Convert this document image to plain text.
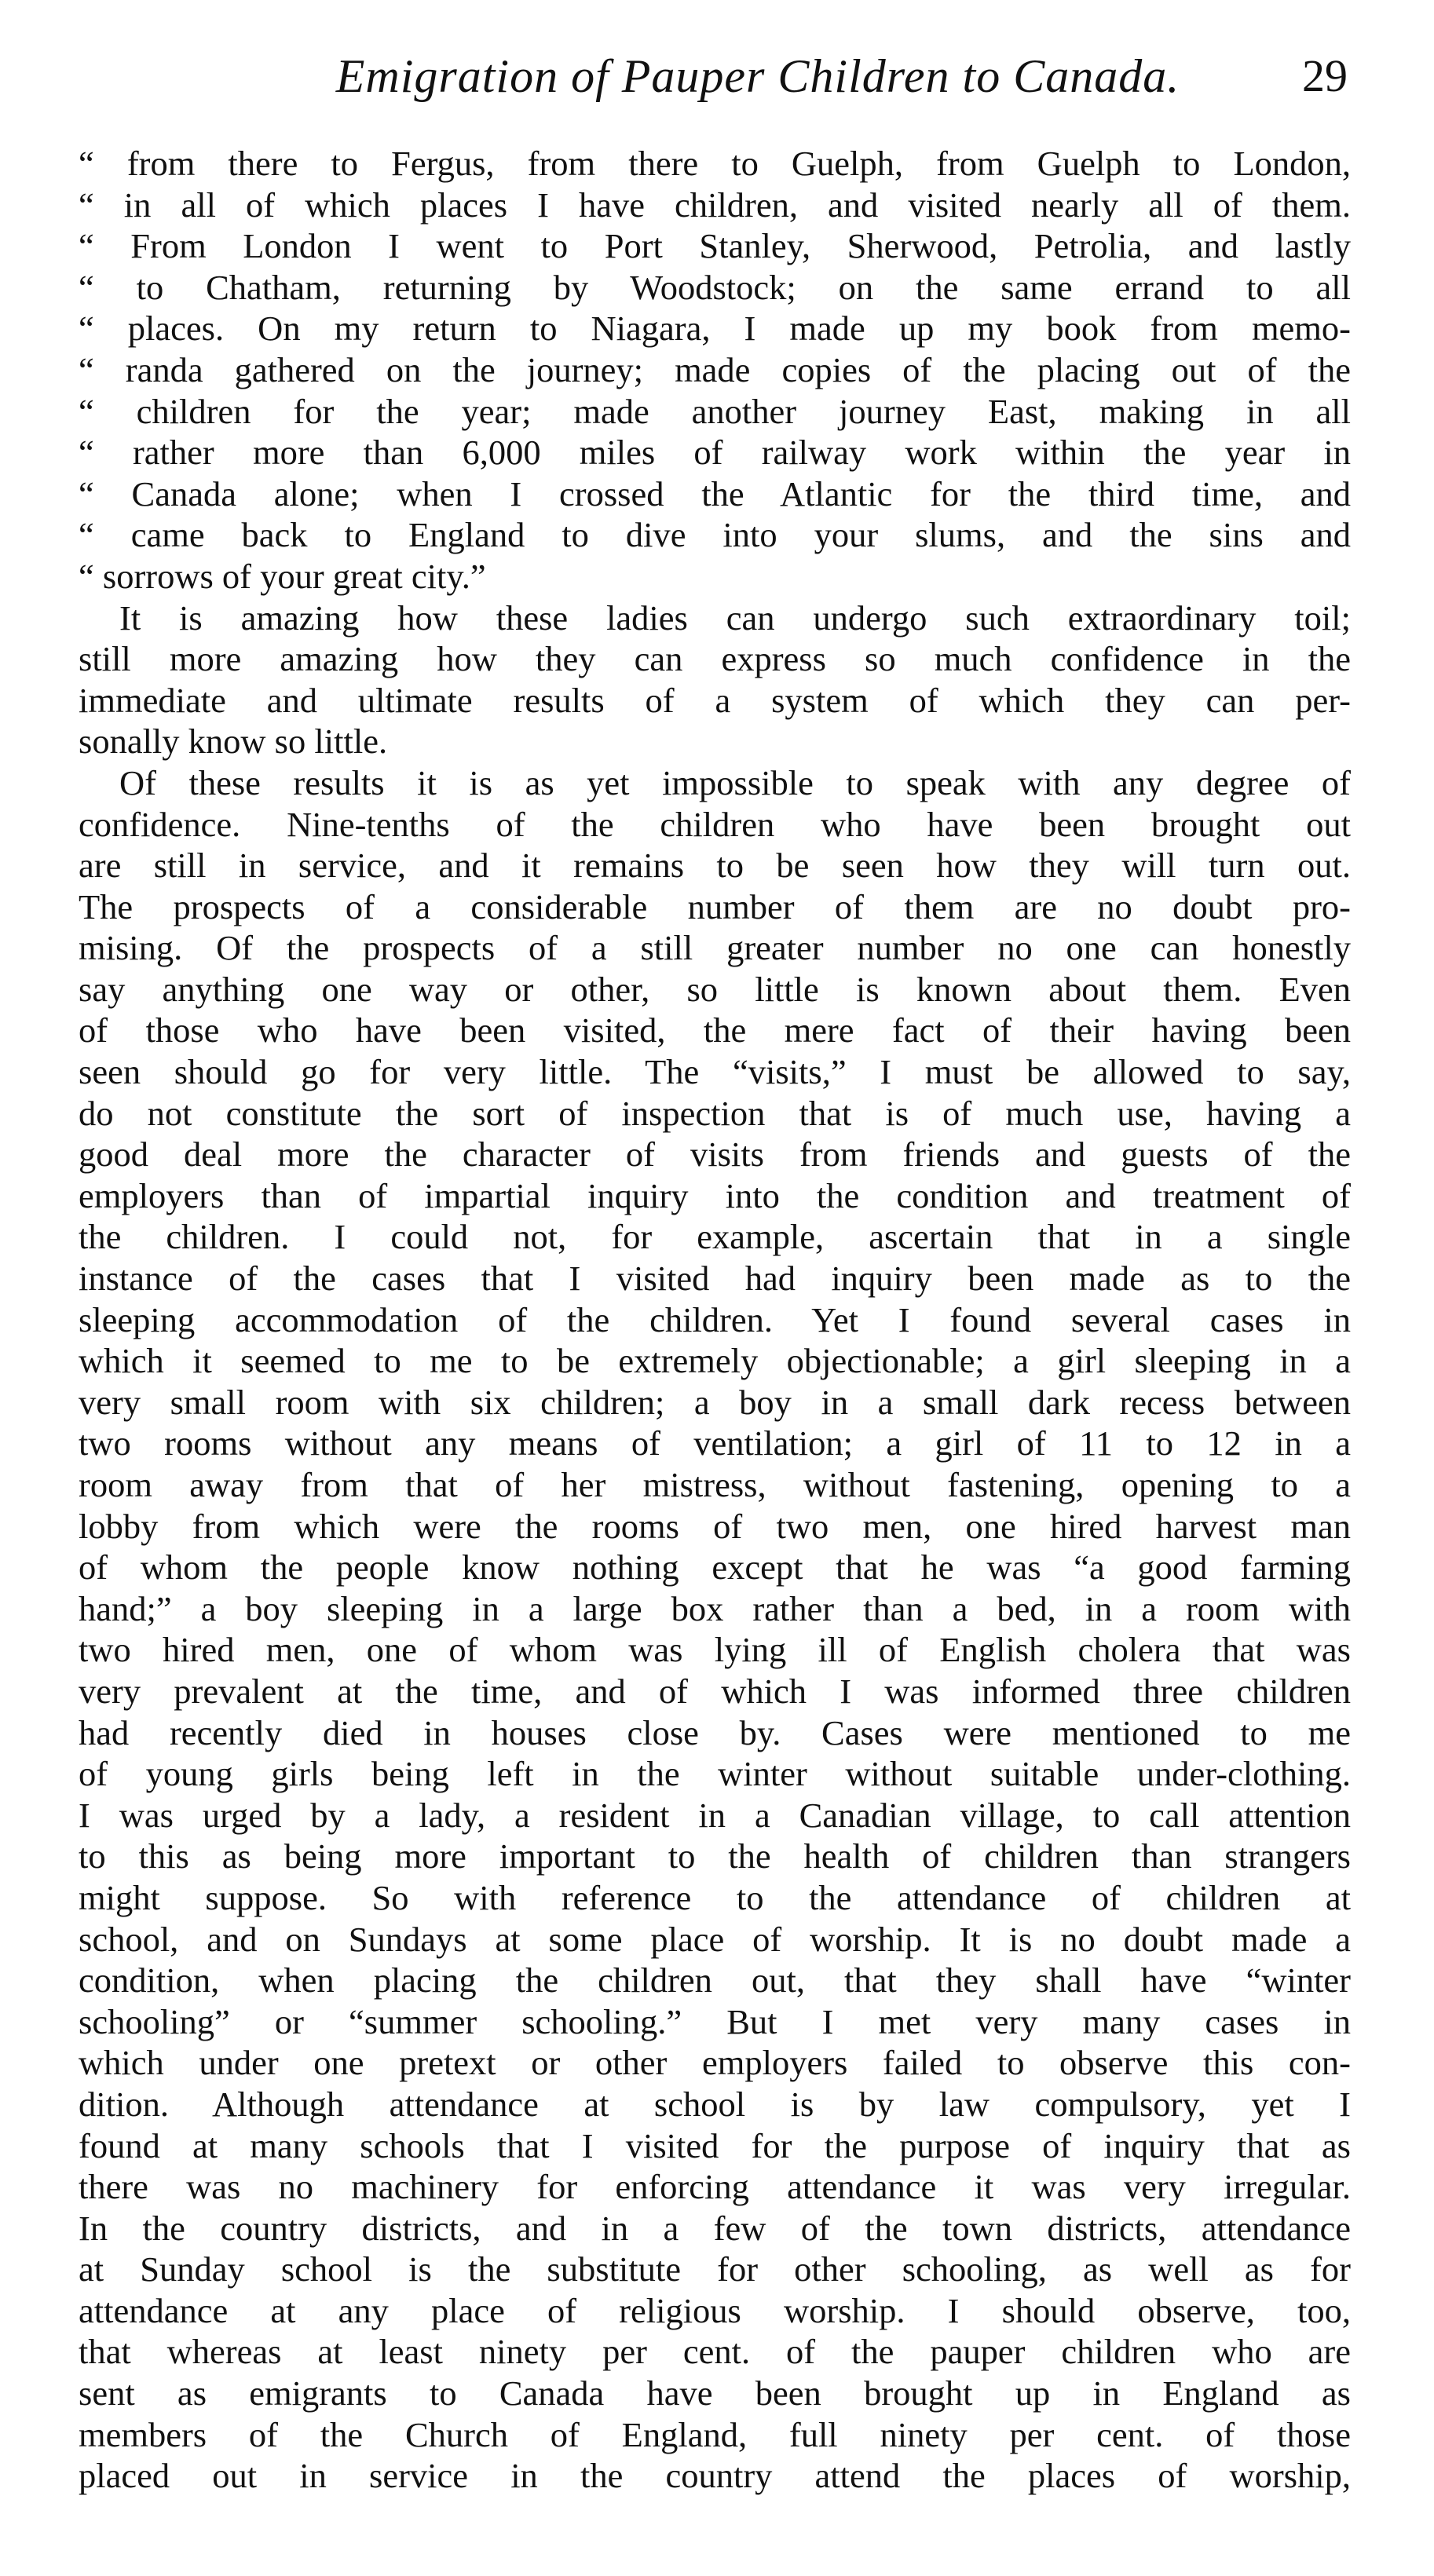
Emigration of Pauper Children to Canada.	29
“ from there to Fergus, from there to Guelph, from Guelph to London,
“ in all of which places I have children, and visited nearly all of them.
“ From London I went to Port Stanley, Sherwood, Petrolia, and lastly
“ to Chatham, returning by Woodstock; on the same errand to all
“ places. On my return to Niagara, I made up my book from memo-
“ randa gathered on the journey; made copies of the placing out of the
“ children for the year; made another journey East, making in all
“ rather more than 6,000 miles of railway work within the year in
“ Canada alone; when I crossed the Atlantic for the third time, and
“ came back to England to dive into your slums, and the sins and
“ sorrows of your great city.”
It is amazing how these ladies can undergo such extraordinary toil;
still more amazing how they can express so much confidence in the
immediate and ultimate results of a system of which they can per-
sonally know so little.
Of these results it is as yet impossible to speak with any degree of
confidence. Nine-tenths of the children who have been brought out
are still in service, and it remains to be seen how they will turn out.
The prospects of a considerable number of them are no doubt pro-
mising. Of the prospects of a still greater number no one can honestly
say anything one way or other, so little is known about them. Even
of those who have been visited, the mere fact of their having been
seen should go for very little. The “visits,” I must be allowed to say,
do not constitute the sort of inspection that is of much use, having a
good deal more the character of visits from friends and guests of the
employers than of impartial inquiry into the condition and treatment of
the children. I could not, for example, ascertain that in a single
instance of the cases that I visited had inquiry been made as to the
sleeping accommodation of the children. Yet I found several cases in
which it seemed to me to be extremely objectionable; a girl sleeping in a
very small room with six children; a boy in a small dark recess between
two rooms without any means of ventilation; a girl of 11 to 12 in a
room away from that of her mistress, without fastening, opening to a
lobby from which were the rooms of two men, one hired harvest man
of whom the people know nothing except that he was “a good farming
hand;” a boy sleeping in a large box rather than a bed, in a room with
two hired men, one of whom was lying ill of English cholera that was
very prevalent at the time, and of which I was informed three children
had recently died in houses close by. Cases were mentioned to me
of young girls being left in the winter without suitable under-clothing.
I was urged by a lady, a resident in a Canadian village, to call attention
to this as being more important to the health of children than strangers
might suppose. So with reference to the attendance of children at
school, and on Sundays at some place of worship. It is no doubt made a
condition, when placing the children out, that they shall have “winter
schooling” or “summer schooling.” But I met very many cases in
which under one pretext or other employers failed to observe this con-
dition. Although attendance at school is by law compulsory, yet I
found at many schools that I visited for the purpose of inquiry that as
there was no machinery for enforcing attendance it was very irregular.
In the country districts, and in a few of the town districts, attendance
at Sunday school is the substitute for other schooling, as well as for
attendance at any place of religious worship. I should observe, too,
that whereas at least ninety per cent. of the pauper children who are
sent as emigrants to Canada have been brought up in England as
members of the Church of England, full ninety per cent. of those
placed out in service in the country attend the places of worship,
